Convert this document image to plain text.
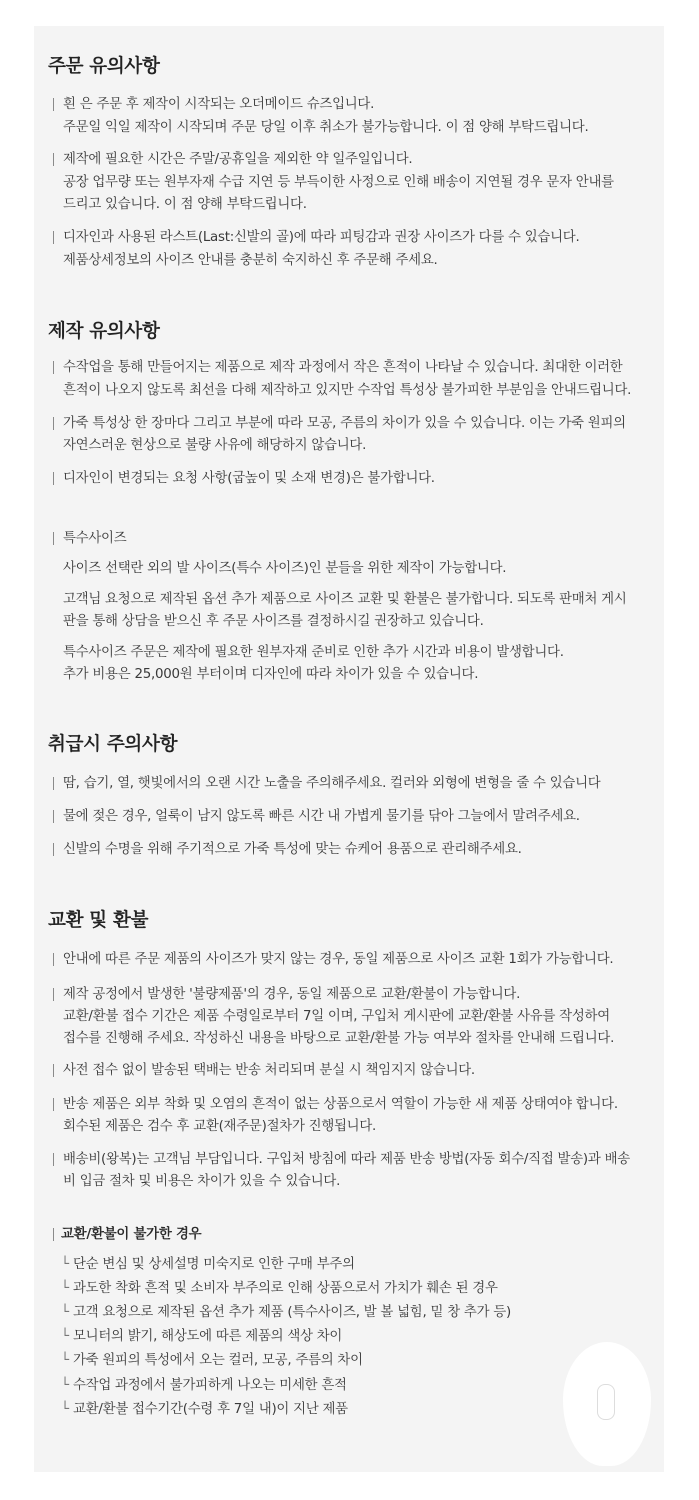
주문 유의사항
흰 은 주문 후 제작이 시작되는 오더메이드 슈즈입니다.
주문일 익일 제작이 시작되며 주문 당일 이후 취소가 불가능합니다. 이 점 양해 부탁드립니다.
제작에 필요한 시간은 주말/공휴일을 제외한 약 일주일입니다.
공장 업무량 또는 원부자재 수급 지연 등 부득이한 사정으로 인해 배송이 지연될 경우 문자 안내를
드리고 있습니다. 이 점 양해 부탁드립니다.
디자인과 사용된 라스트(Last:신발의 골)에 따라 피팅감과 권장 사이즈가 다를 수 있습니다.
제품상세정보의 사이즈 안내를 충분히 숙지하신 후 주문해 주세요.
제작 유의사항
수작업을 통해 만들어지는 제품으로 제작 과정에서 작은 흔적이 나타날 수 있습니다. 최대한 이러한
흔적이 나오지 않도록 최선을 다해 제작하고 있지만 수작업 특성상 불가피한 부분임을 안내드립니다.
가죽 특성상 한 장마다 그리고 부분에 따라 모공, 주름의 차이가 있을 수 있습니다. 이는 가죽 원피의
자연스러운 현상으로 불량 사유에 해당하지 않습니다.
디자인이 변경되는 요청 사항(굽높이 및 소재 변경)은 불가합니다.
특수사이즈
사이즈 선택란 외의 발 사이즈(특수 사이즈)인 분들을 위한 제작이 가능합니다.
고객님 요청으로 제작된 옵션 추가 제품으로 사이즈 교환 및 환불은 불가합니다. 되도록 판매처 게시
판을 통해 상담을 받으신 후 주문 사이즈를 결정하시길 권장하고 있습니다.
특수사이즈 주문은 제작에 필요한 원부자재 준비로 인한 추가 시간과 비용이 발생합니다.
추가 비용은 25,000원 부터이며 디자인에 따라 차이가 있을 수 있습니다.
취급시 주의사항
땀, 습기, 열, 햇빛에서의 오랜 시간 노출을 주의해주세요. 컬러와 외형에 변형을 줄 수 있습니다
물에 젖은 경우, 얼룩이 남지 않도록 빠른 시간 내 가볍게 물기를 닦아 그늘에서 말려주세요.
신발의 수명을 위해 주기적으로 가죽 특성에 맞는 슈케어 용품으로 관리해주세요.
교환 및 환불
안내에 따른 주문 제품의 사이즈가 맞지 않는 경우, 동일 제품으로 사이즈 교환 1회가 가능합니다.
제작 공정에서 발생한 '불량제품'의 경우, 동일 제품으로 교환/환불이 가능합니다.
교환/환불 접수 기간은 제품 수령일로부터 7일 이며, 구입처 게시판에 교환/환불 사유를 작성하여
접수를 진행해 주세요. 작성하신 내용을 바탕으로 교환/환불 가능 여부와 절차를 안내해 드립니다.
사전 접수 없이 발송된 택배는 반송 처리되며 분실 시 책임지지 않습니다.
반송 제품은 외부 착화 및 오염의 흔적이 없는 상품으로서 역할이 가능한 새 제품 상태여야 합니다.
회수된 제품은 검수 후 교환(재주문)절차가 진행됩니다.
배송비(왕복)는 고객님 부담입니다. 구입처 방침에 따라 제품 반송 방법(자동 회수/직접 발송)과 배송
비 입금 절차 및 비용은 차이가 있을 수 있습니다.
교환/환불이 불가한 경우
└ 단순 변심 및 상세설명 미숙지로 인한 구매 부주의
└ 과도한 착화 흔적 및 소비자 부주의로 인해 상품으로서 가치가 훼손 된 경우
└ 고객 요청으로 제작된 옵션 추가 제품 (특수사이즈, 발 볼 넓힘, 밑 창 추가 등)
└ 모니터의 밝기, 해상도에 따른 제품의 색상 차이
└ 가죽 원피의 특성에서 오는 컬러, 모공, 주름의 차이
└ 수작업 과정에서 불가피하게 나오는 미세한 흔적
└ 교환/환불 접수기간(수령 후 7일 내)이 지난 제품
